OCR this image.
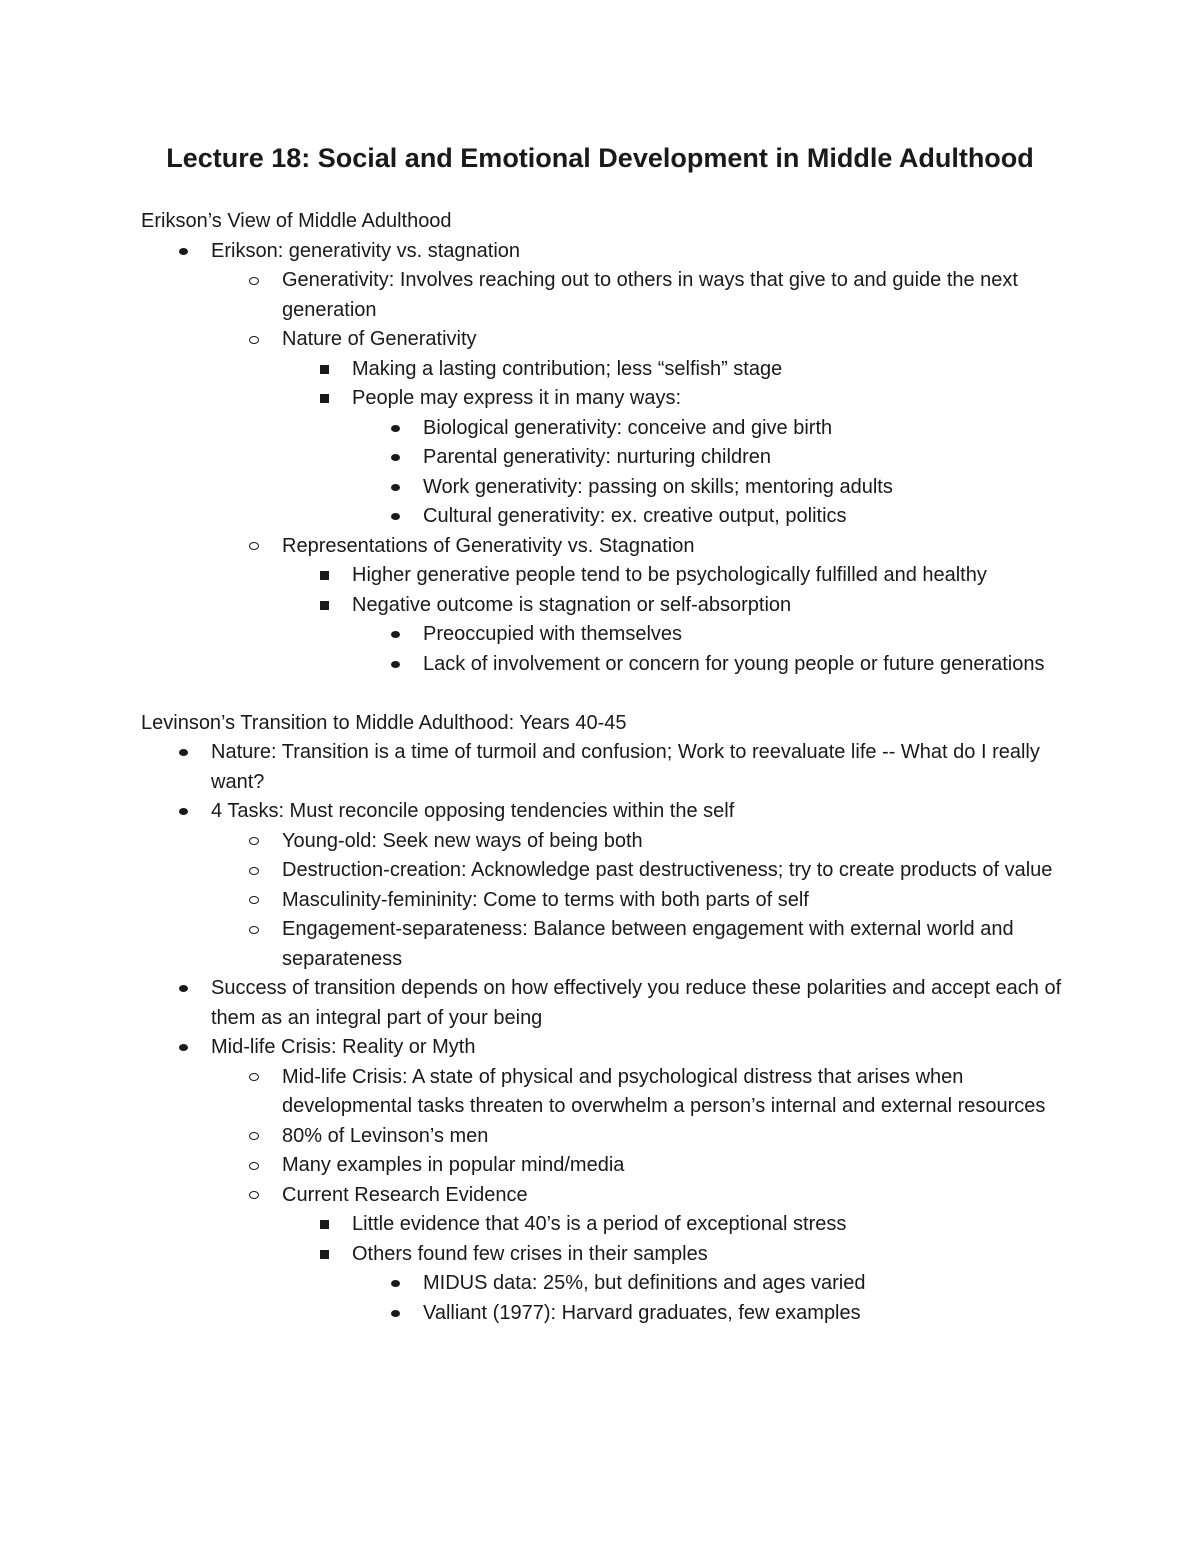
Lecture 18: Social and Emotional Development in Middle Adulthood
Erikson’s View of Middle Adulthood
Erikson: generativity vs. stagnation
Generativity: Involves reaching out to others in ways that give to and guide the next generation
Nature of Generativity
Making a lasting contribution; less “selfish” stage
People may express it in many ways:
Biological generativity: conceive and give birth
Parental generativity: nurturing children
Work generativity: passing on skills; mentoring adults
Cultural generativity: ex. creative output, politics
Representations of Generativity vs. Stagnation
Higher generative people tend to be psychologically fulfilled and healthy
Negative outcome is stagnation or self-absorption
Preoccupied with themselves
Lack of involvement or concern for young people or future generations
Levinson’s Transition to Middle Adulthood: Years 40-45
Nature: Transition is a time of turmoil and confusion; Work to reevaluate life -- What do I really want?
4 Tasks: Must reconcile opposing tendencies within the self
Young-old: Seek new ways of being both
Destruction-creation: Acknowledge past destructiveness; try to create products of value
Masculinity-femininity: Come to terms with both parts of self
Engagement-separateness: Balance between engagement with external world and separateness
Success of transition depends on how effectively you reduce these polarities and accept each of them as an integral part of your being
Mid-life Crisis: Reality or Myth
Mid-life Crisis: A state of physical and psychological distress that arises when developmental tasks threaten to overwhelm a person’s internal and external resources
80% of Levinson’s men
Many examples in popular mind/media
Current Research Evidence
Little evidence that 40’s is a period of exceptional stress
Others found few crises in their samples
MIDUS data: 25%, but definitions and ages varied
Valliant (1977): Harvard graduates, few examples
